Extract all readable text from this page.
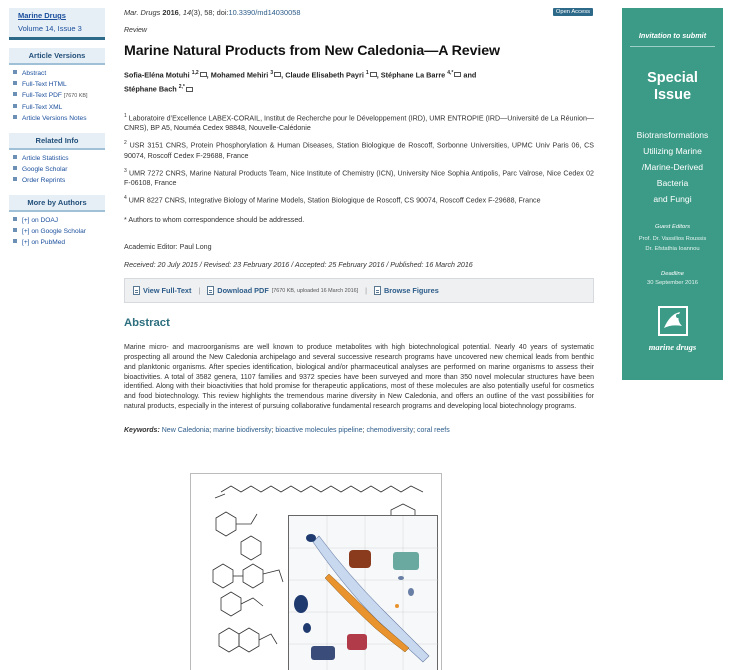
Marine Drugs
Volume 14, Issue 3
Article Versions
Abstract
Full-Text HTML
Full-Text PDF [7670 KB]
Full-Text XML
Article Versions Notes
Related Info
Article Statistics
Google Scholar
Order Reprints
More by Authors
[+] on DOAJ
[+] on Google Scholar
[+] on PubMed
Mar. Drugs 2016, 14(3), 58; doi:10.3390/md14030058	Open Access
Review
Marine Natural Products from New Caledonia—A Review
Sofia-Eléna Motuhi $^{1,2}$ , Mohamed Mehiri $^3$ , Claude Elisabeth Payri $^1$ , Stéphane La Barre $^{4,*}$ and
Stéphane Bach $^{2,*}$
$^1$ Laboratoire d’Excellence LABEX-CORAIL, Institut de Recherche pour le Développement (IRD), UMR ENTROPIE (IRD—Université de La Réunion—CNRS), BP A5, Nouméa Cedex 98848, Nouvelle-Calédonie
$^2$ USR 3151 CNRS, Protein Phosphorylation & Human Diseases, Station Biologique de Roscoff, Sorbonne Universities, UPMC Univ Paris 06, CS 90074, Roscoff Cedex F-29688, France
$^3$ UMR 7272 CNRS, Marine Natural Products Team, Nice Institute of Chemistry (ICN), University Nice Sophia Antipolis, Parc Valrose, Nice Cedex 02 F-06108, France
$^4$ UMR 8227 CNRS, Integrative Biology of Marine Models, Station Biologique de Roscoff, CS 90074, Roscoff Cedex F-29688, France
* Authors to whom correspondence should be addressed.
Academic Editor: Paul Long
Received: 20 July 2015 / Revised: 23 February 2016 / Accepted: 25 February 2016 / Published: 16 March 2016
View Full-Text | Download PDF [7670 KB, uploaded 16 March 2016] | Browse Figures
Abstract
Marine micro- and macroorganisms are well known to produce metabolites with high biotechnological potential. Nearly 40 years of systematic prospecting all around the New Caledonia archipelago and several successive research programs have uncovered new chemical leads from benthic and planktonic organisms. After species identification, biological and/or pharmaceutical analyses are performed on marine organisms to assess their bioactivities. A total of 3582 genera, 1107 families and 9372 species have been surveyed and more than 350 novel molecular structures have been identified. Along with their bioactivities that hold promise for therapeutic applications, most of these molecules are also potentially useful for cosmetics and food biotechnology. This review highlights the tremendous marine diversity in New Caledonia, and offers an outline of the vast possibilities for natural products, especially in the interest of pursuing collaborative fundamental research programs and developing local biotechnology programs.
Keywords: New Caledonia; marine biodiversity; bioactive molecules pipeline; chemodiversity; coral reefs
Invitation to submit
Special
Issue
Biotransformations
Utilizing Marine
/Marine-Derived
Bacteria
and Fungi
Guest Editors
Prof. Dr. Vassilios Roussis
Dr. Efstathia Ioannou
Deadline
30 September 2016
marine drugs
